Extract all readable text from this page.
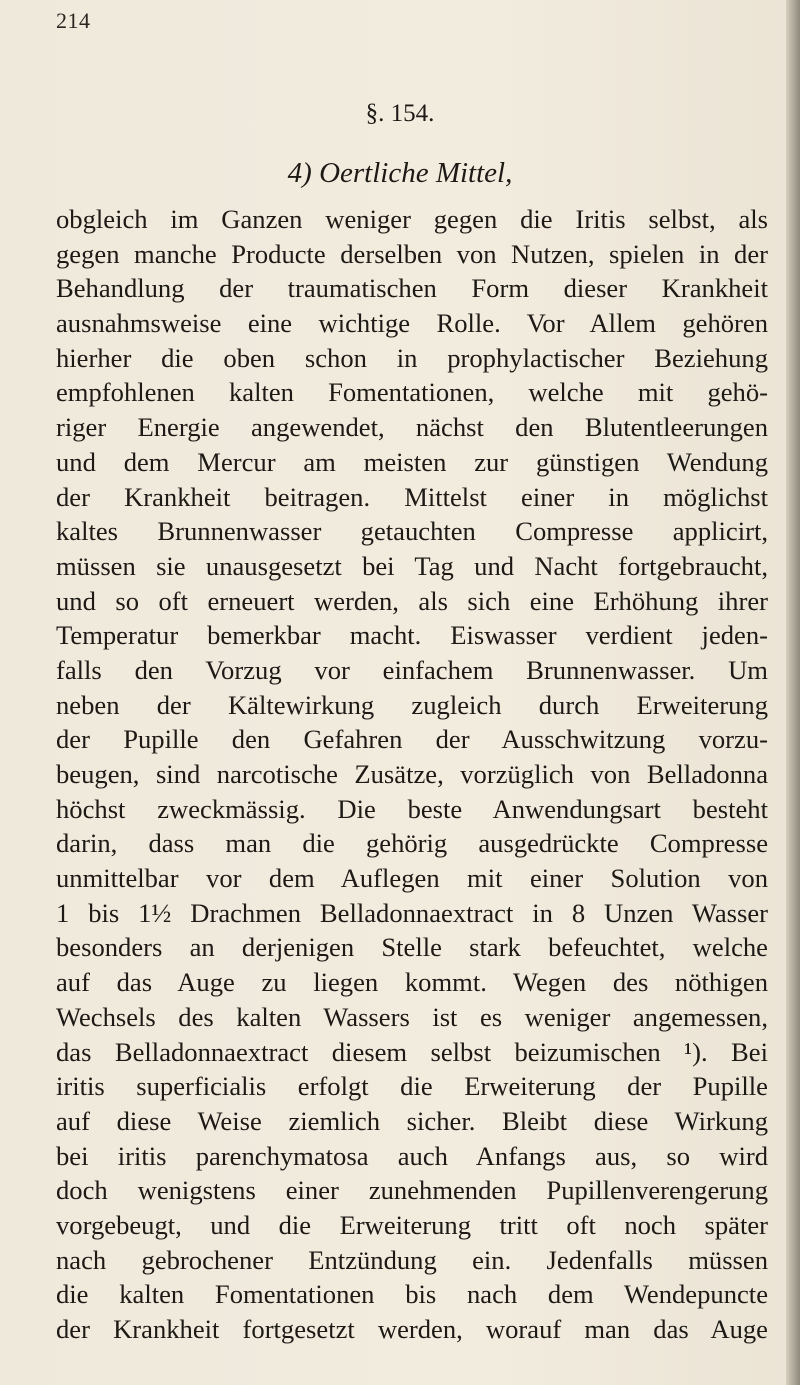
214
§. 154.
4) Oertliche Mittel,
obgleich im Ganzen weniger gegen die Iritis selbst, als
gegen manche Producte derselben von Nutzen, spielen in der
Behandlung der traumatischen Form dieser Krankheit
ausnahmsweise eine wichtige Rolle. Vor Allem gehören
hierher die oben schon in prophylactischer Beziehung
empfohlenen kalten Fomentationen, welche mit gehö-
riger Energie angewendet, nächst den Blutentleerungen
und dem Mercur am meisten zur günstigen Wendung
der Krankheit beitragen. Mittelst einer in möglichst
kaltes Brunnenwasser getauchten Compresse applicirt,
müssen sie unausgesetzt bei Tag und Nacht fortgebraucht,
und so oft erneuert werden, als sich eine Erhöhung ihrer
Temperatur bemerkbar macht. Eiswasser verdient jeden-
falls den Vorzug vor einfachem Brunnenwasser. Um
neben der Kältewirkung zugleich durch Erweiterung
der Pupille den Gefahren der Ausschwitzung vorzu-
beugen, sind narcotische Zusätze, vorzüglich von Belladonna
höchst zweckmässig. Die beste Anwendungsart besteht
darin, dass man die gehörig ausgedrückte Compresse
unmittelbar vor dem Auflegen mit einer Solution von
1 bis 1½ Drachmen Belladonnaextract in 8 Unzen Wasser
besonders an derjenigen Stelle stark befeuchtet, welche
auf das Auge zu liegen kommt. Wegen des nöthigen
Wechsels des kalten Wassers ist es weniger angemessen,
das Belladonnaextract diesem selbst beizumischen ¹). Bei
iritis superficialis erfolgt die Erweiterung der Pupille
auf diese Weise ziemlich sicher. Bleibt diese Wirkung
bei iritis parenchymatosa auch Anfangs aus, so wird
doch wenigstens einer zunehmenden Pupillenverengerung
vorgebeugt, und die Erweiterung tritt oft noch später
nach gebrochener Entzündung ein. Jedenfalls müssen
die kalten Fomentationen bis nach dem Wendepuncte
der Krankheit fortgesetzt werden, worauf man das Auge
